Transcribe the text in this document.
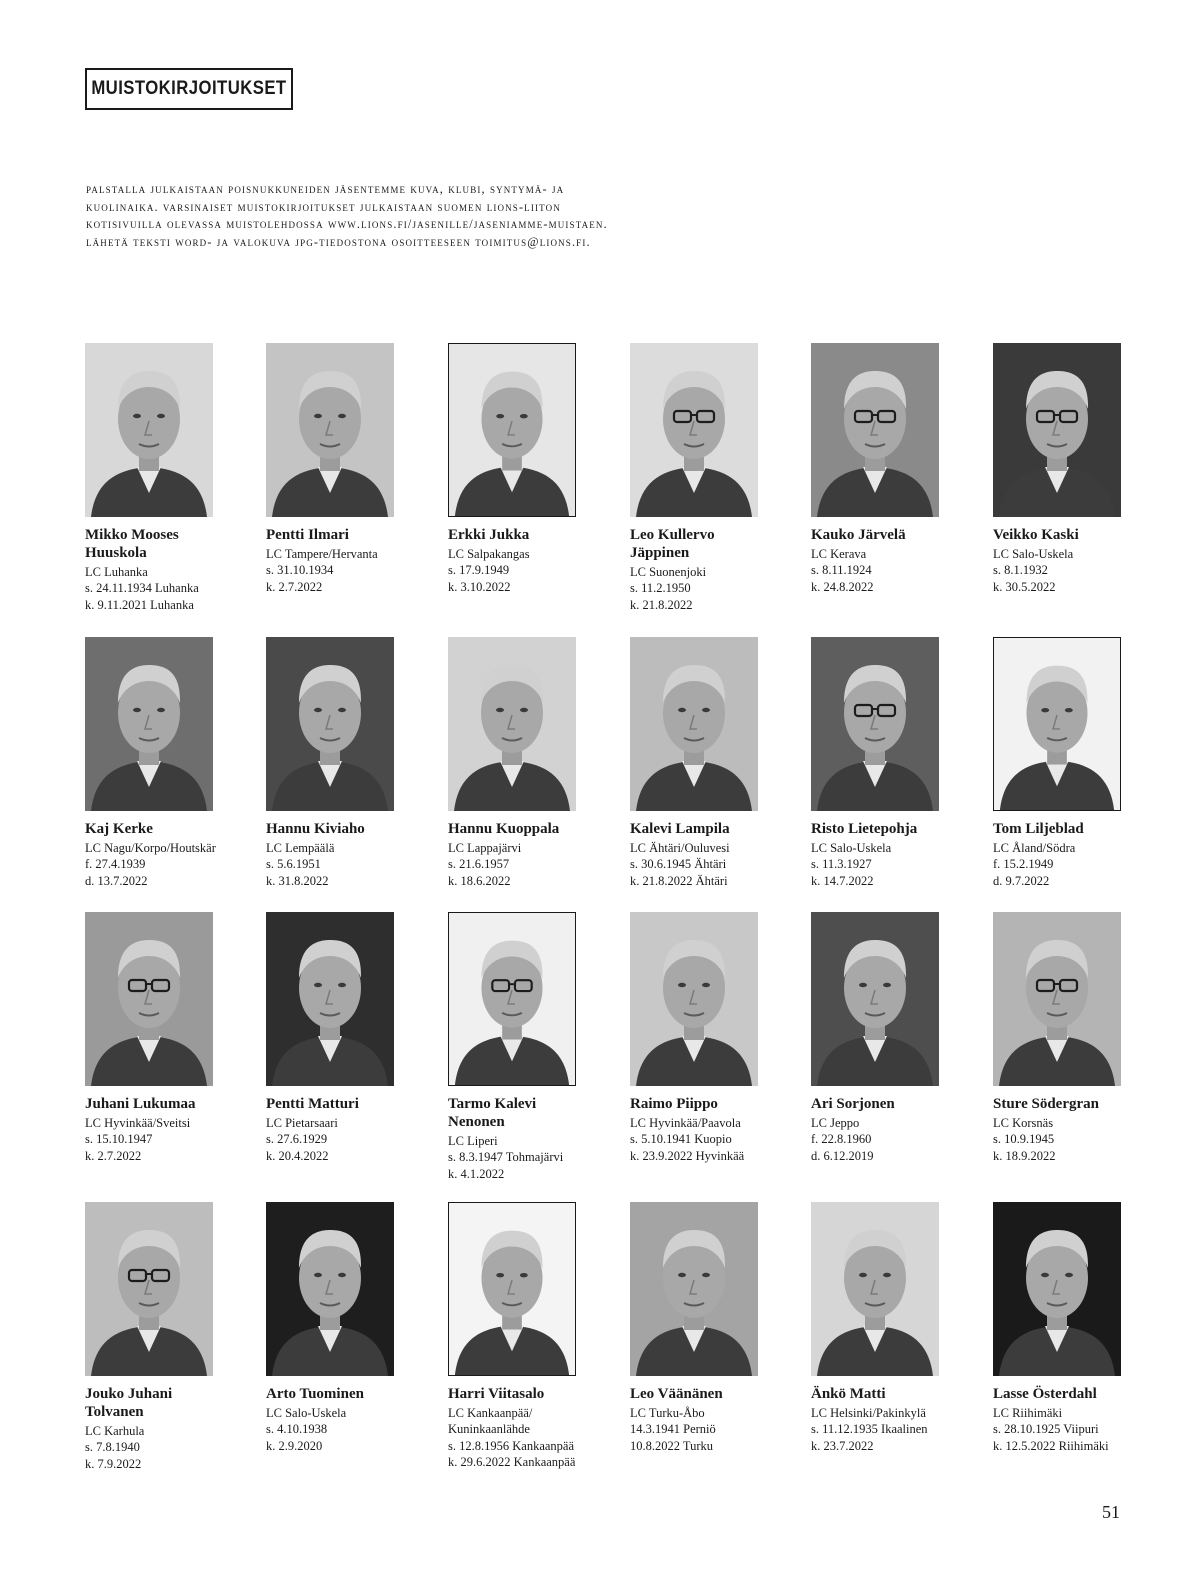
MUISTOKIRJOITUKSET
palstalla julkaistaan poisnukkuneiden jäsentemme kuva, klubi, syntymä- ja
kuolinaika. varsinaiset muistokirjoitukset julkaistaan suomen lions-liiton
kotisivuilla olevassa muistolehdossa www.lions.fi/jasenille/jaseniamme-muistaen.
lähetä teksti word- ja valokuva jpg-tiedostona osoitteeseen toimitus@lions.fi.
Mikko Mooses
Huuskola
LC Luhanka
s. 24.11.1934 Luhanka
k. 9.11.2021 Luhanka
Pentti Ilmari
LC Tampere/Hervanta
s. 31.10.1934
k. 2.7.2022
Erkki Jukka
LC Salpakangas
s. 17.9.1949
k. 3.10.2022
Leo Kullervo
Jäppinen
LC Suonenjoki
s. 11.2.1950
k. 21.8.2022
Kauko Järvelä
LC Kerava
s. 8.11.1924
k. 24.8.2022
Veikko Kaski
LC Salo-Uskela
s. 8.1.1932
k. 30.5.2022
Kaj Kerke
LC Nagu/Korpo/Houtskär
f. 27.4.1939
d. 13.7.2022
Hannu Kiviaho
LC Lempäälä
s. 5.6.1951
k. 31.8.2022
Hannu Kuoppala
LC Lappajärvi
s. 21.6.1957
k. 18.6.2022
Kalevi Lampila
LC Ähtäri/Ouluvesi
s. 30.6.1945 Ähtäri
k. 21.8.2022 Ähtäri
Risto Lietepohja
LC Salo-Uskela
s. 11.3.1927
k. 14.7.2022
Tom Liljeblad
LC Åland/Södra
f. 15.2.1949
d. 9.7.2022
Juhani Lukumaa
LC Hyvinkää/Sveitsi
s. 15.10.1947
k. 2.7.2022
Pentti Matturi
LC Pietarsaari
s. 27.6.1929
k. 20.4.2022
Tarmo Kalevi
Nenonen
LC Liperi
s. 8.3.1947 Tohmajärvi
k. 4.1.2022
Raimo Piippo
LC Hyvinkää/Paavola
s. 5.10.1941 Kuopio
k. 23.9.2022 Hyvinkää
Ari Sorjonen
LC Jeppo
f. 22.8.1960
d. 6.12.2019
Sture Södergran
LC Korsnäs
s. 10.9.1945
k. 18.9.2022
Jouko Juhani
Tolvanen
LC Karhula
s. 7.8.1940
k. 7.9.2022
Arto Tuominen
LC Salo-Uskela
s. 4.10.1938
k. 2.9.2020
Harri Viitasalo
LC Kankaanpää/
Kuninkaanlähde
s. 12.8.1956 Kankaanpää
k. 29.6.2022 Kankaanpää
Leo Väänänen
LC Turku-Åbo
14.3.1941 Perniö
10.8.2022 Turku
Änkö Matti
LC Helsinki/Pakinkylä
s. 11.12.1935 Ikaalinen
k. 23.7.2022
Lasse Österdahl
LC Riihimäki
s. 28.10.1925 Viipuri
k. 12.5.2022 Riihimäki
51
